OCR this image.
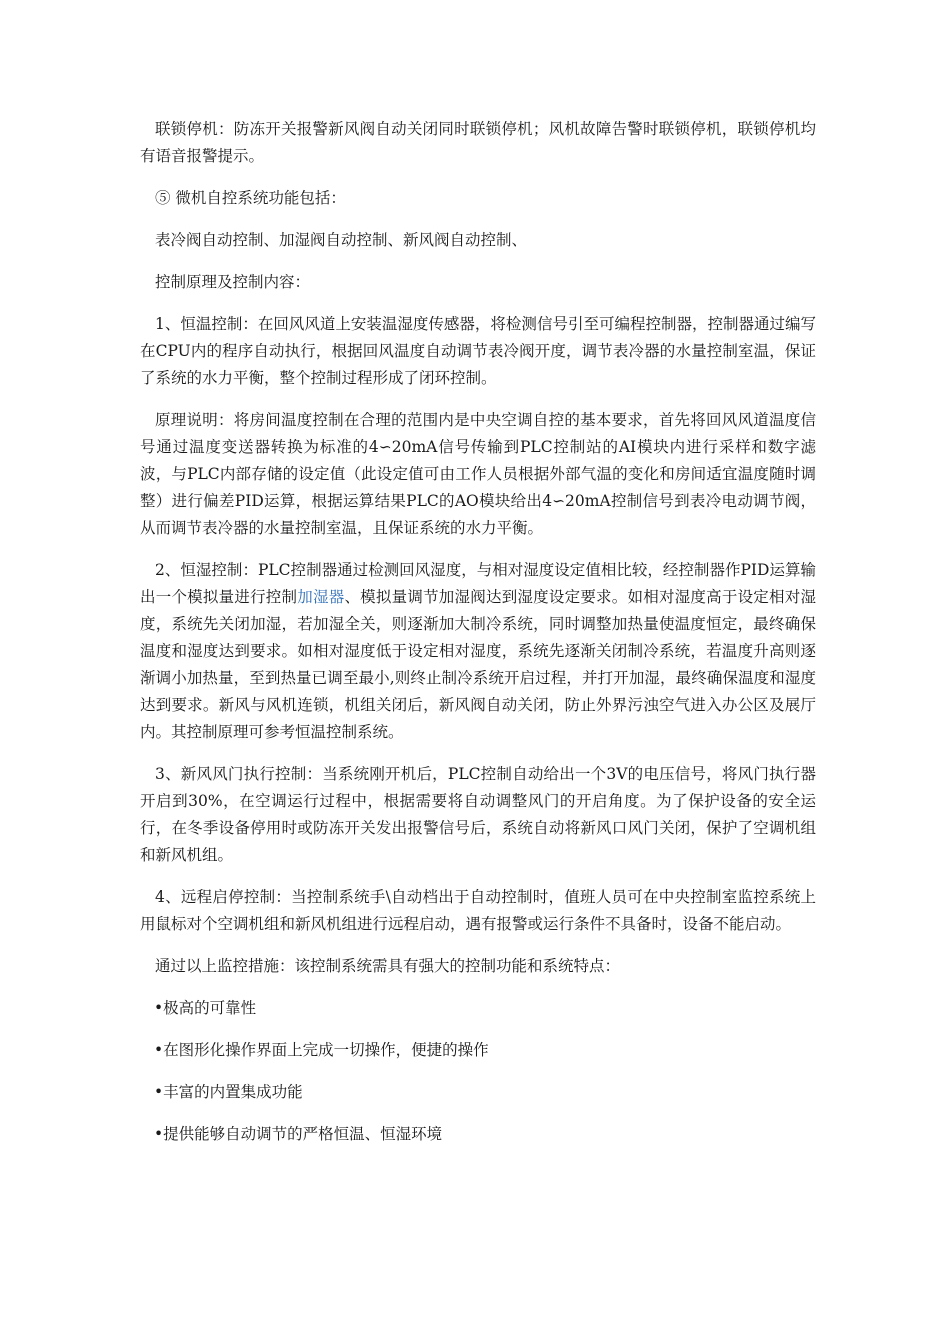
联锁停机：防冻开关报警新风阀自动关闭同时联锁停机；风机故障告警时联锁停机，联锁停机均有语音报警提示。

⑤ 微机自控系统功能包括：

表冷阀自动控制、加湿阀自动控制、新风阀自动控制、

控制原理及控制内容：

1、恒温控制：在回风风道上安装温湿度传感器，将检测信号引至可编程控制器，控制器通过编写在CPU内的程序自动执行，根据回风温度自动调节表冷阀开度，调节表冷器的水量控制室温，保证了系统的水力平衡，整个控制过程形成了闭环控制。

原理说明：将房间温度控制在合理的范围内是中央空调自控的基本要求，首先将回风风道温度信号通过温度变送器转换为标准的4∽20mA信号传输到PLC控制站的AI模块内进行采样和数字滤波，与PLC内部存储的设定值（此设定值可由工作人员根据外部气温的变化和房间适宜温度随时调整）进行偏差PID运算，根据运算结果PLC的AO模块给出4∽20mA控制信号到表冷电动调节阀，从而调节表冷器的水量控制室温，且保证系统的水力平衡。

2、恒湿控制：PLC控制器通过检测回风湿度，与相对湿度设定值相比较，经控制器作PID运算输出一个模拟量进行控制加湿器、模拟量调节加湿阀达到湿度设定要求。如相对湿度高于设定相对湿度，系统先关闭加湿，若加湿全关，则逐渐加大制冷系统，同时调整加热量使温度恒定，最终确保温度和湿度达到要求。如相对湿度低于设定相对湿度，系统先逐渐关闭制冷系统，若温度升高则逐渐调小加热量，至到热量已调至最小,则终止制冷系统开启过程，并打开加湿，最终确保温度和湿度达到要求。新风与风机连锁，机组关闭后，新风阀自动关闭，防止外界污浊空气进入办公区及展厅内。其控制原理可参考恒温控制系统。

3、新风风门执行控制：当系统刚开机后，PLC控制自动给出一个3V的电压信号，将风门执行器开启到30%，在空调运行过程中，根据需要将自动调整风门的开启角度。为了保护设备的安全运行，在冬季设备停用时或防冻开关发出报警信号后，系统自动将新风口风门关闭，保护了空调机组和新风机组。

4、远程启停控制：当控制系统手\自动档出于自动控制时，值班人员可在中央控制室监控系统上用鼠标对个空调机组和新风机组进行远程启动，遇有报警或运行条件不具备时，设备不能启动。

通过以上监控措施：该控制系统需具有强大的控制功能和系统特点：

•极高的可靠性

•在图形化操作界面上完成一切操作，便捷的操作

•丰富的内置集成功能

•提供能够自动调节的严格恒温、恒湿环境
